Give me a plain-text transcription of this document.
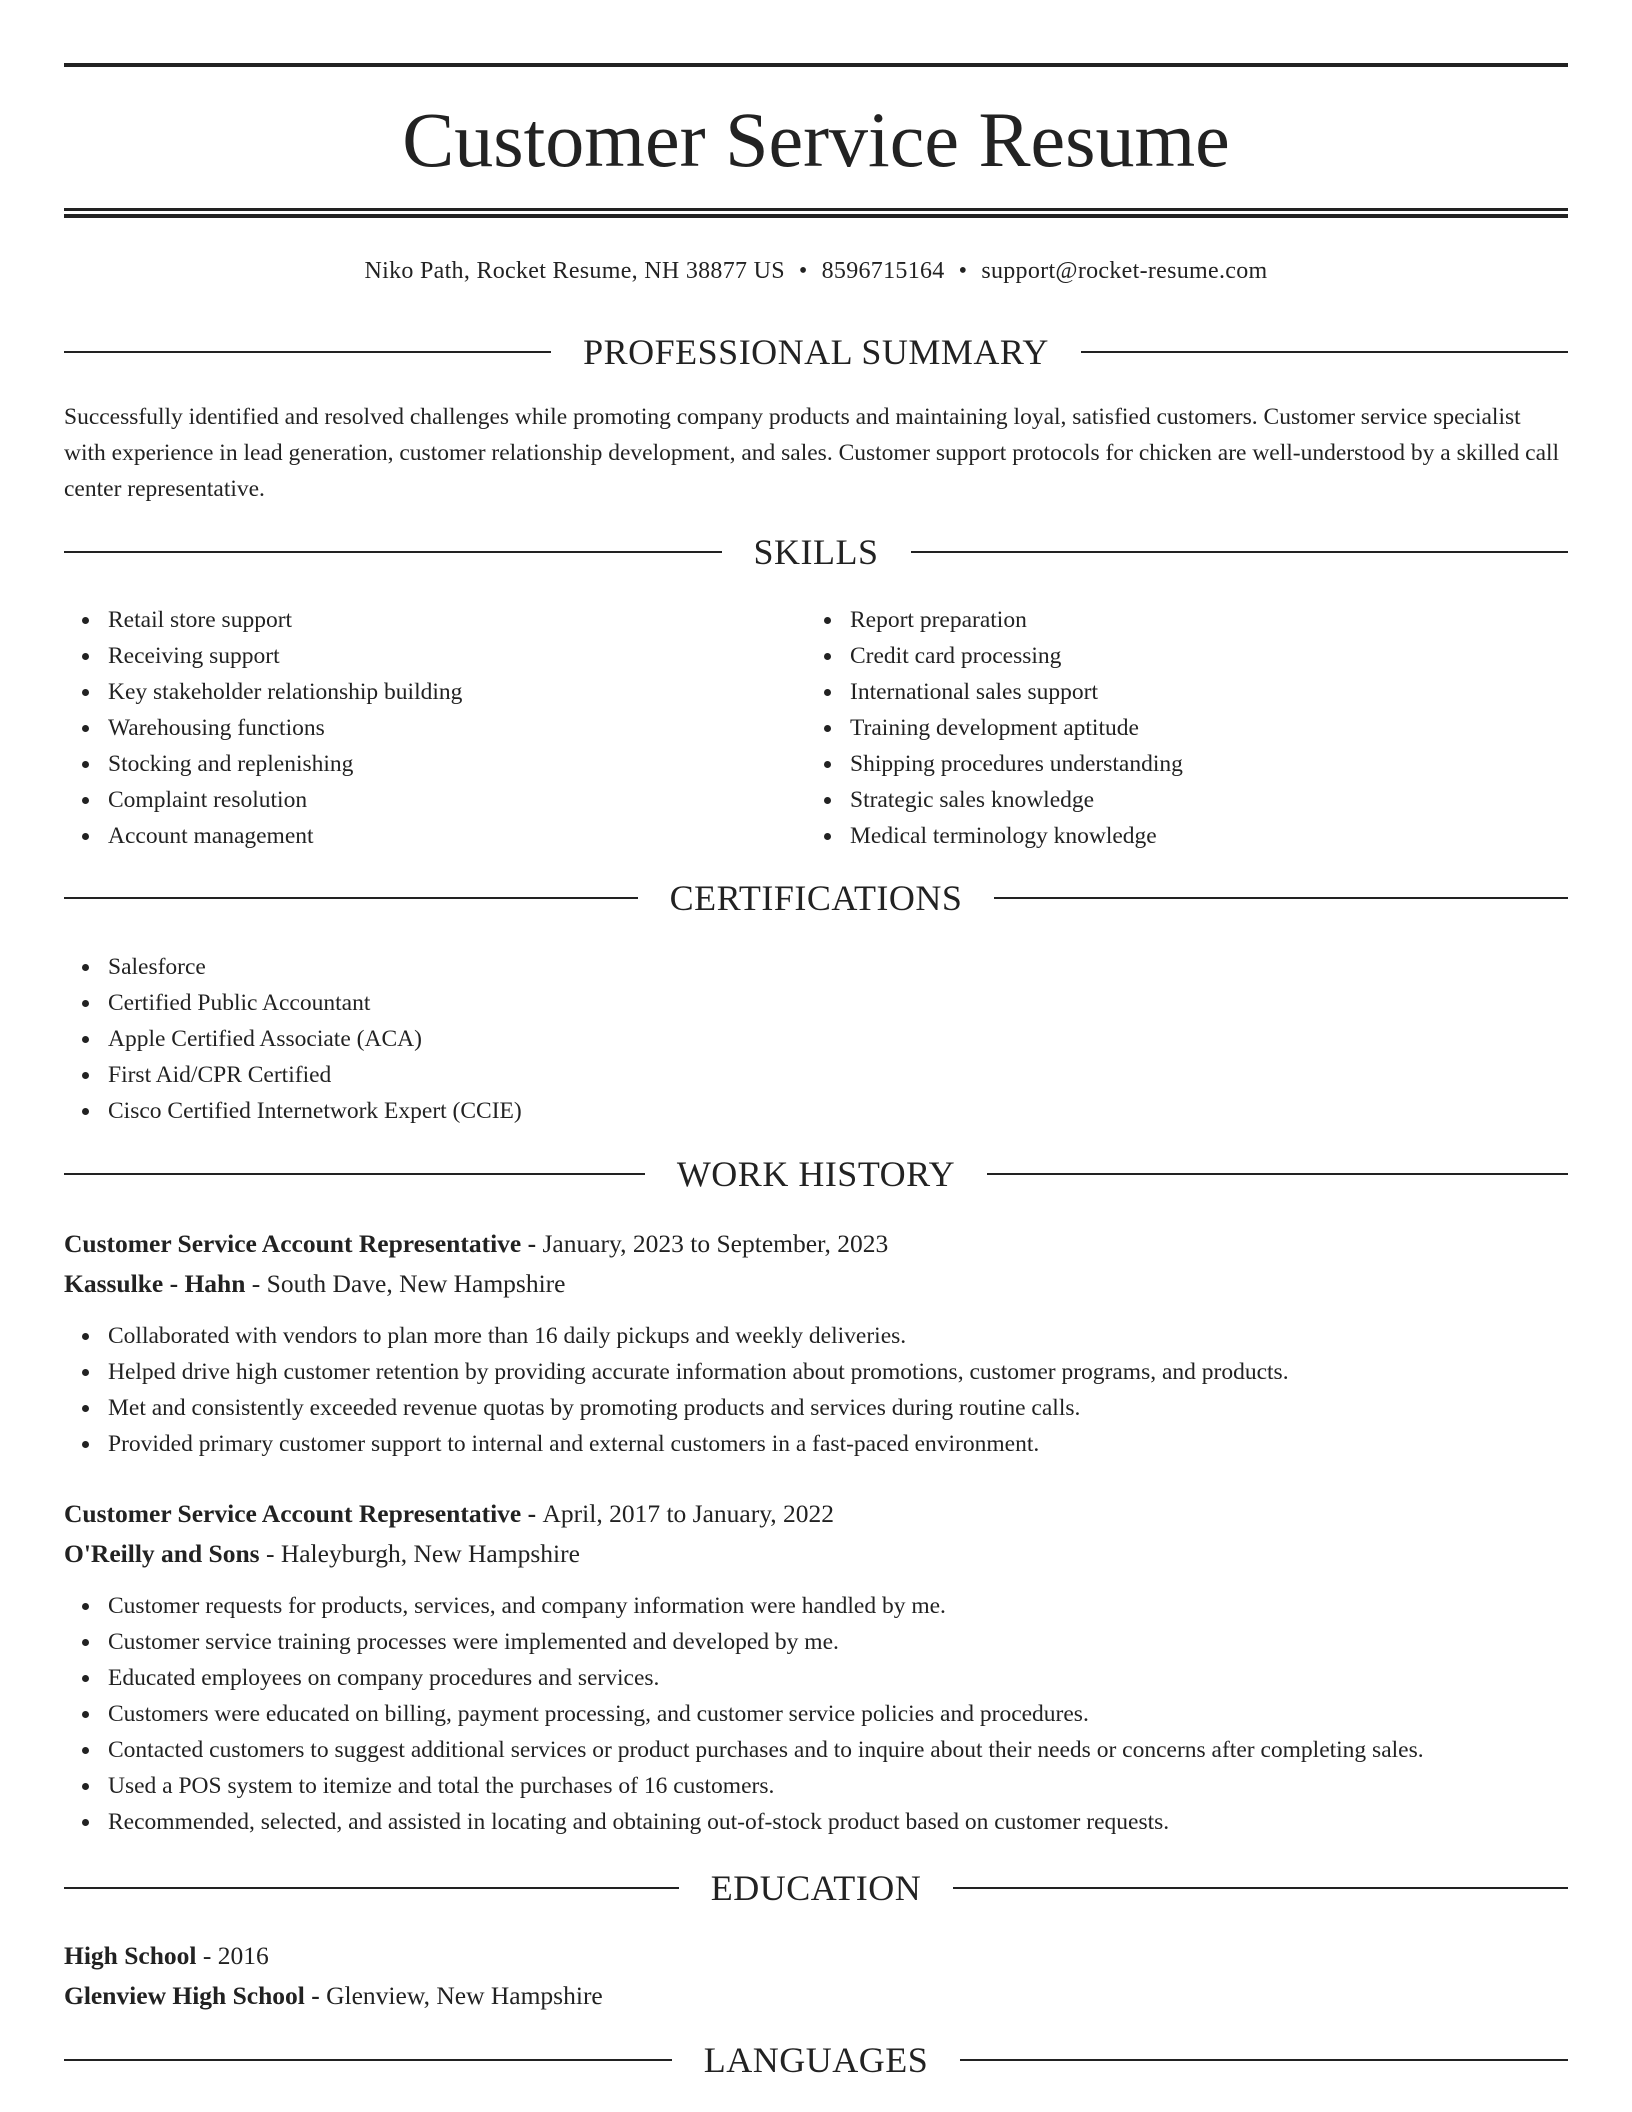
Customer Service Resume
Niko Path, Rocket Resume, NH 38877 US • 8596715164 • support@rocket-resume.com
PROFESSIONAL SUMMARY

Successfully identified and resolved challenges while promoting company products and maintaining loyal, satisfied customers. Customer service specialist with experience in lead generation, customer relationship development, and sales. Customer support protocols for chicken are well-understood by a skilled call center representative.

SKILLS
Retail store support
Receiving support
Key stakeholder relationship building
Warehousing functions
Stocking and replenishing
Complaint resolution
Account management
Report preparation
Credit card processing
International sales support
Training development aptitude
Shipping procedures understanding
Strategic sales knowledge
Medical terminology knowledge
CERTIFICATIONS
Salesforce
Certified Public Accountant
Apple Certified Associate (ACA)
First Aid/CPR Certified
Cisco Certified Internetwork Expert (CCIE)
WORK HISTORY
Customer Service Account Representative - January, 2023 to September, 2023
Kassulke - Hahn - South Dave, New Hampshire
Collaborated with vendors to plan more than 16 daily pickups and weekly deliveries.
Helped drive high customer retention by providing accurate information about promotions, customer programs, and products.
Met and consistently exceeded revenue quotas by promoting products and services during routine calls.
Provided primary customer support to internal and external customers in a fast-paced environment.
Customer Service Account Representative - April, 2017 to January, 2022
O'Reilly and Sons - Haleyburgh, New Hampshire
Customer requests for products, services, and company information were handled by me.
Customer service training processes were implemented and developed by me.
Educated employees on company procedures and services.
Customers were educated on billing, payment processing, and customer service policies and procedures.
Contacted customers to suggest additional services or product purchases and to inquire about their needs or concerns after completing sales.
Used a POS system to itemize and total the purchases of 16 customers.
Recommended, selected, and assisted in locating and obtaining out-of-stock product based on customer requests.
EDUCATION
High School - 2016
Glenview High School - Glenview, New Hampshire
LANGUAGES
